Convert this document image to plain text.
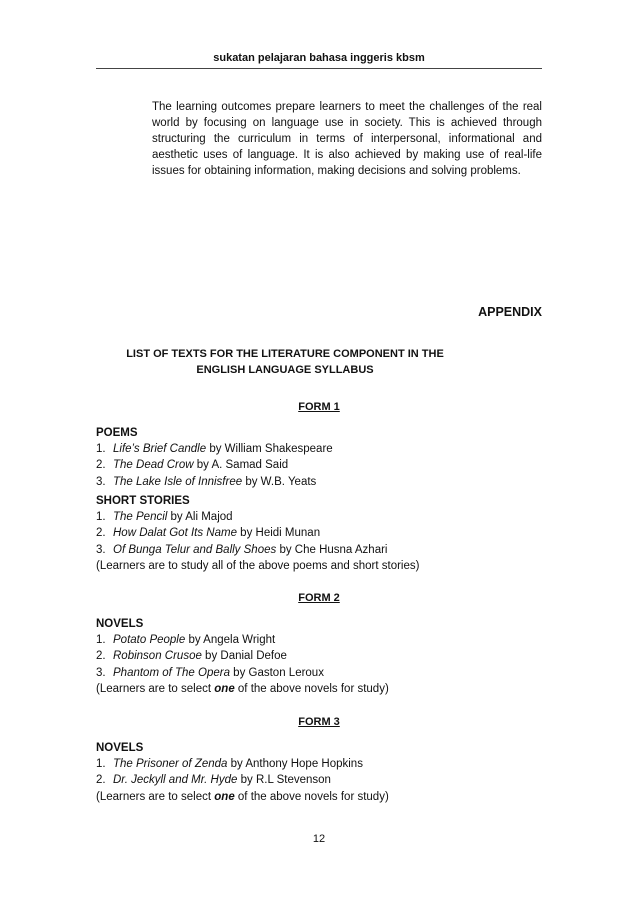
sukatan pelajaran bahasa inggeris kbsm

The learning outcomes prepare learners to meet the challenges of the real world by focusing on language use in society. This is achieved through structuring the curriculum in terms of interpersonal, informational and aesthetic uses of language. It is also achieved by making use of real-life issues for obtaining information, making decisions and solving problems.

APPENDIX
LIST OF TEXTS FOR THE LITERATURE COMPONENT IN THE
ENGLISH LANGUAGE SYLLABUS
FORM 1
POEMS
1. Life’s Brief Candle by William Shakespeare
2. The Dead Crow by A. Samad Said
3. The Lake Isle of Innisfree by W.B. Yeats
SHORT STORIES
1. The Pencil by Ali Majod
2. How Dalat Got Its Name by Heidi Munan
3. Of Bunga Telur and Bally Shoes by Che Husna Azhari
(Learners are to study all of the above poems and short stories)
FORM 2
NOVELS
1. Potato People by Angela Wright
2. Robinson Crusoe by Danial Defoe
3. Phantom of The Opera by Gaston Leroux
(Learners are to select one of the above novels for study)
FORM 3
NOVELS
1. The Prisoner of Zenda by Anthony Hope Hopkins
2. Dr. Jeckyll and Mr. Hyde by R.L Stevenson
(Learners are to select one of the above novels for study)
12
